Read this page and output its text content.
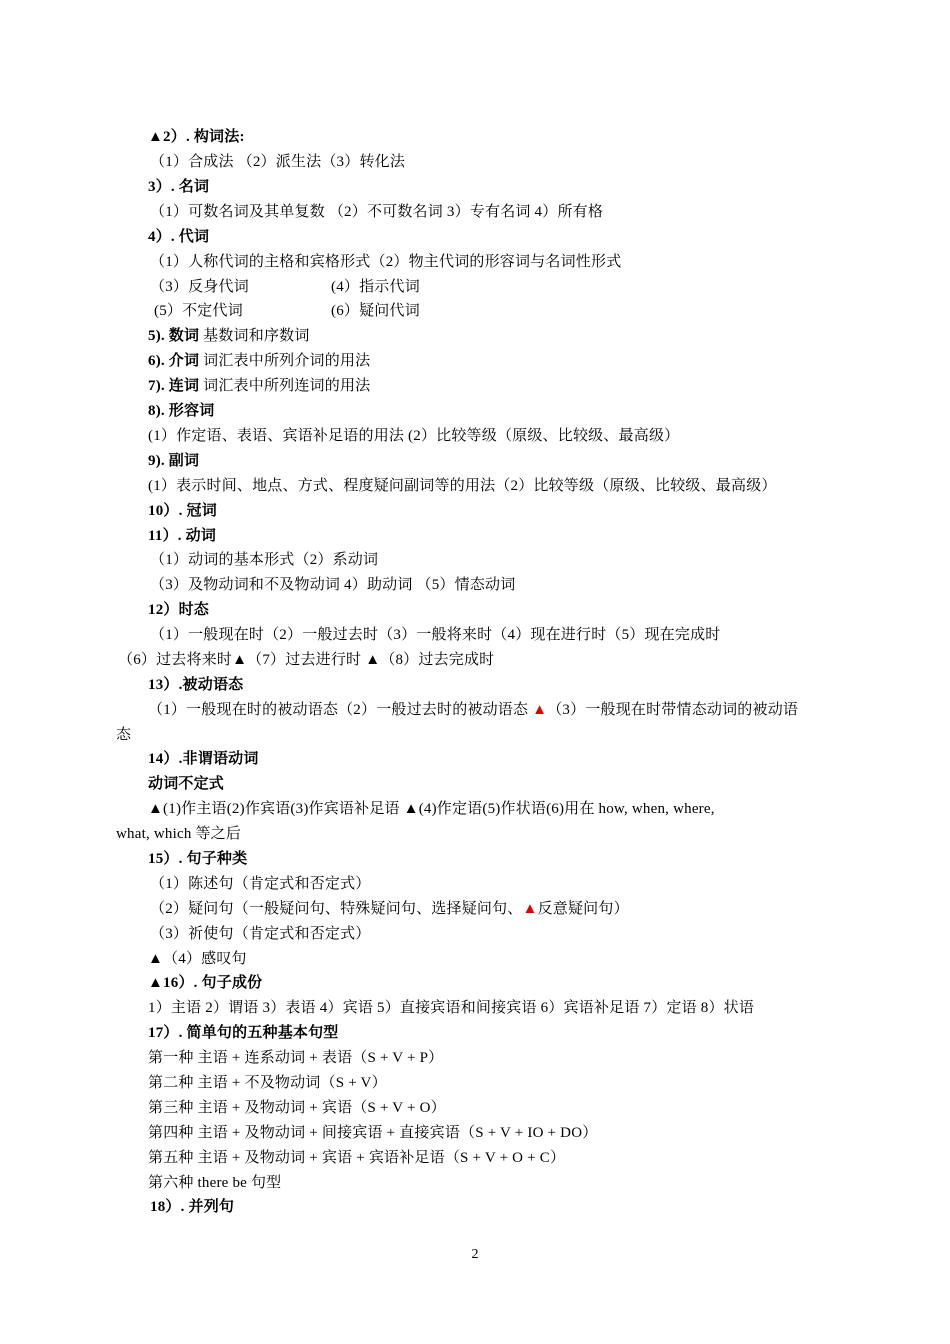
▲2）. 构词法:
（1）合成法 （2）派生法（3）转化法
3）. 名词
（1）可数名词及其单复数 （2）不可数名词 3）专有名词 4）所有格
4）. 代词
（1）人称代词的主格和宾格形式（2）物主代词的形容词与名词性形式
（3）反身代词	(4）指示代词
(5）不定代词	(6）疑问代词
5). 数词 基数词和序数词
6). 介词 词汇表中所列介词的用法
7). 连词 词汇表中所列连词的用法
8). 形容词
(1）作定语、表语、宾语补足语的用法 (2）比较等级（原级、比较级、最高级）
9). 副词
(1）表示时间、地点、方式、程度疑问副词等的用法（2）比较等级（原级、比较级、最高级）
10）. 冠词
11）. 动词
（1）动词的基本形式（2）系动词
（3）及物动词和不及物动词 4）助动词 （5）情态动词
12）时态
（1）一般现在时（2）一般过去时（3）一般将来时（4）现在进行时（5）现在完成时
（6）过去将来时▲（7）过去进行时 ▲（8）过去完成时
13）.被动语态
（1）一般现在时的被动语态（2）一般过去时的被动语态 ▲（3）一般现在时带情态动词的被动语
态
14）.非谓语动词
动词不定式
▲(1)作主语(2)作宾语(3)作宾语补足语 ▲(4)作定语(5)作状语(6)用在 how, when, where,
what, which 等之后
15）. 句子种类
（1）陈述句（肯定式和否定式）
（2）疑问句（一般疑问句、特殊疑问句、选择疑问句、▲反意疑问句）
（3）祈使句（肯定式和否定式）
▲（4）感叹句
▲16）. 句子成份
1）主语 2）谓语 3）表语 4）宾语 5）直接宾语和间接宾语 6）宾语补足语 7）定语 8）状语
17）. 简单句的五种基本句型
第一种 主语 + 连系动词 + 表语（S + V + P）
第二种 主语 + 不及物动词（S + V）
第三种 主语 + 及物动词 + 宾语（S + V + O）
第四种 主语 + 及物动词 + 间接宾语 + 直接宾语（S + V + IO + DO）
第五种 主语 + 及物动词 + 宾语 + 宾语补足语（S + V + O + C）
第六种 there be 句型
18）. 并列句
2
